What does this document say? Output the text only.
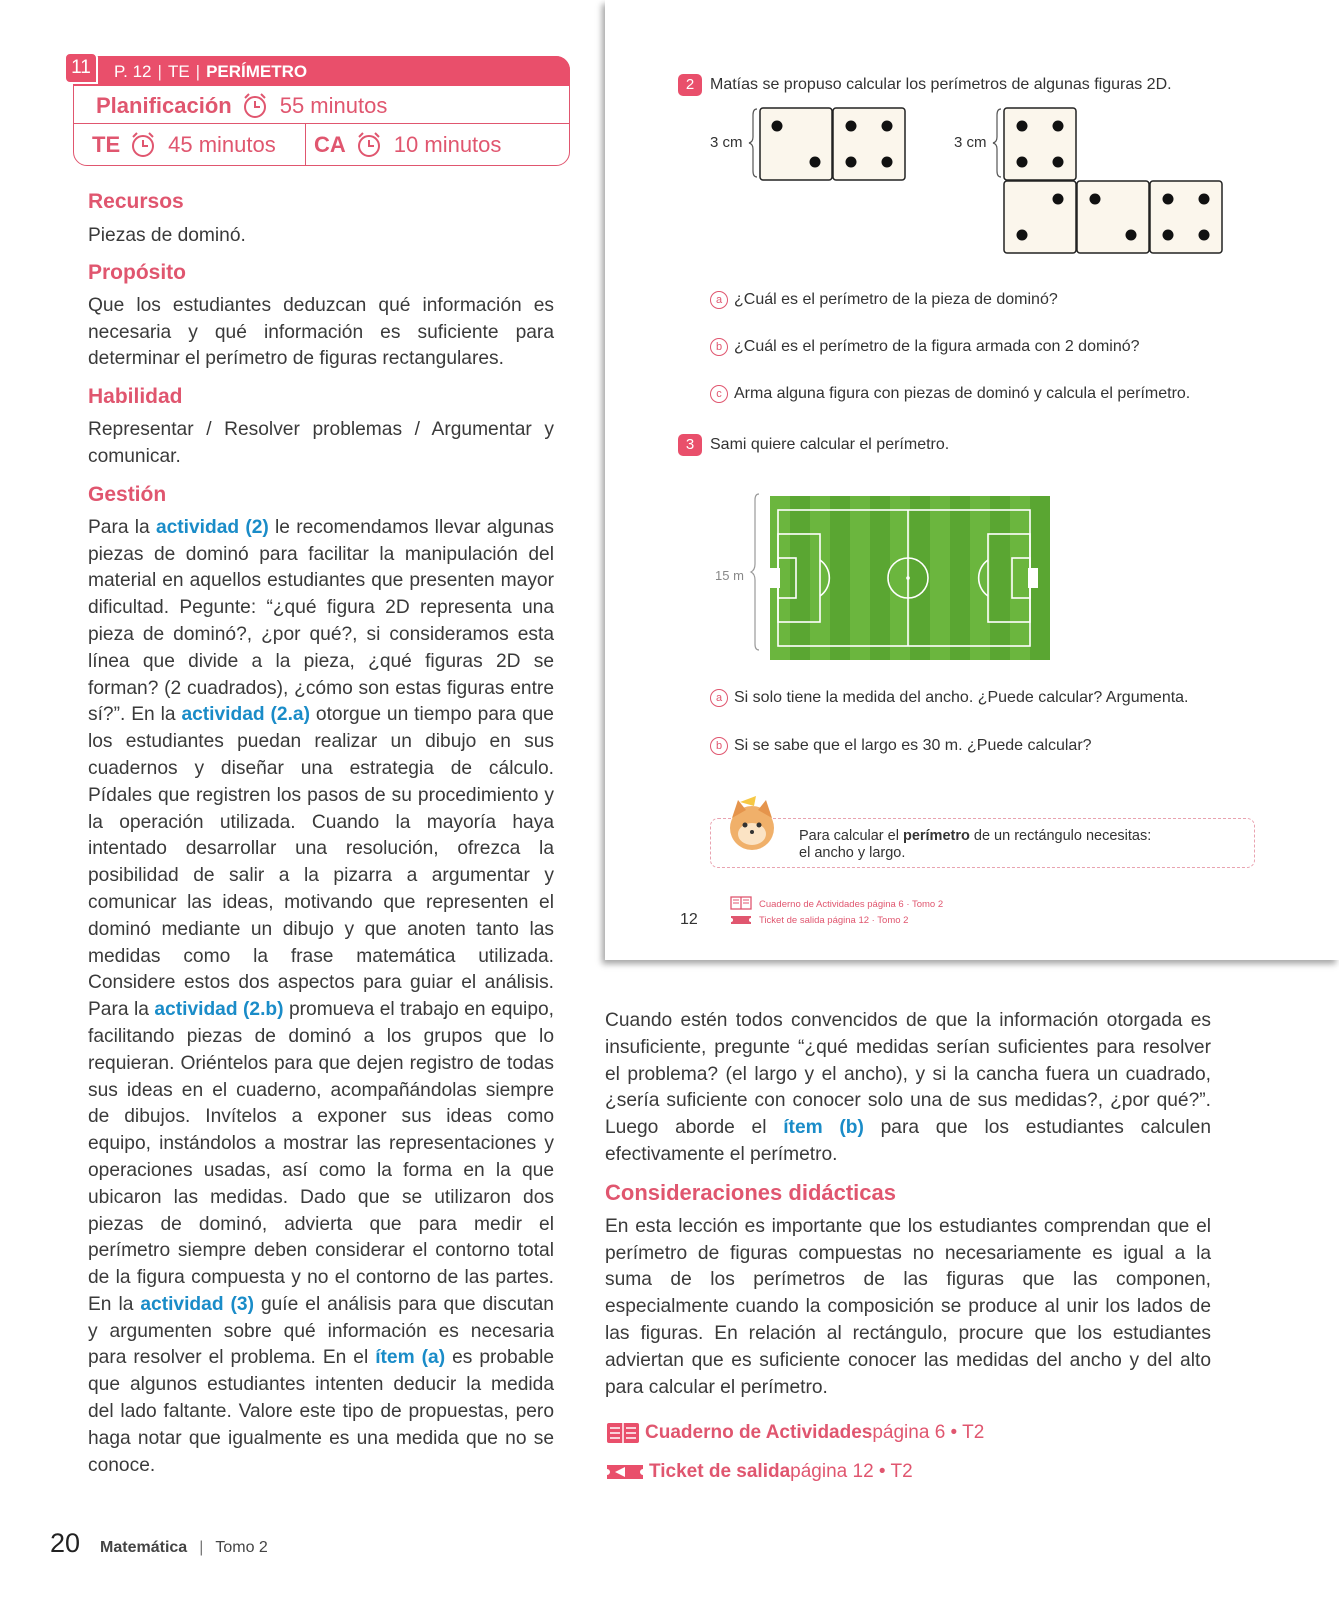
11	P. 12 | TE | PERÍMETRO
Planificación 55 minutos
TE 45 minutos CA 10 minutos
Recursos
Piezas de dominó.
Propósito
Que los estudiantes deduzcan qué información es necesaria y qué información es suficiente para determinar el perímetro de figuras rectangulares.
Habilidad
Representar / Resolver problemas / Argumentar y comunicar.
Gestión
Para la actividad (2) le recomendamos llevar algunas piezas de dominó para facilitar la manipulación del material en aquellos estudiantes que presenten mayor dificultad. Pegunte: “¿qué figura 2D representa una pieza de dominó?, ¿por qué?, si consideramos esta línea que divide a la pieza, ¿qué figuras 2D se forman? (2 cuadrados), ¿cómo son estas figuras entre sí?”. En la actividad (2.a) otorgue un tiempo para que los estudiantes puedan realizar un dibujo en sus cuadernos y diseñar una estrategia de cálculo. Pídales que registren los pasos de su procedimiento y la operación utilizada. Cuando la mayoría haya intentado desarrollar una resolución, ofrezca la posibilidad de salir a la pizarra a argumentar y comunicar las ideas, motivando que representen el dominó mediante un dibujo y que anoten tanto las medidas como la frase matemática utilizada. Considere estos dos aspectos para guiar el análisis. Para la actividad (2.b) promueva el trabajo en equipo, facilitando piezas de dominó a los grupos que lo requieran. Oriéntelos para que dejen registro de todas sus ideas en el cuaderno, acompañándolas siempre de dibujos. Invítelos a exponer sus ideas como equipo, instándolos a mostrar las representaciones y operaciones usadas, así como la forma en la que ubicaron las medidas. Dado que se utilizaron dos piezas de dominó, advierta que para medir el perímetro siempre deben considerar el contorno total de la figura compuesta y no el contorno de las partes. En la actividad (3) guíe el análisis para que discutan y argumenten sobre qué información es necesaria para resolver el problema. En el ítem (a) es probable que algunos estudiantes intenten deducir la medida del lado faltante. Valore este tipo de propuestas, pero haga notar que igualmente es una medida que no se conoce.
2 Matías se propuso calcular los perímetros de algunas figuras 2D.
3 cm	3 cm
a ¿Cuál es el perímetro de la pieza de dominó?
b ¿Cuál es el perímetro de la figura armada con 2 dominó?
c Arma alguna figura con piezas de dominó y calcula el perímetro.
3 Sami quiere calcular el perímetro.
15 m
a Si solo tiene la medida del ancho. ¿Puede calcular? Argumenta.
b Si se sabe que el largo es 30 m. ¿Puede calcular?
Para calcular el perímetro de un rectángulo necesitas:
el ancho y largo.
12
Cuaderno de Actividades página 6 · Tomo 2
Ticket de salida página 12 · Tomo 2
Cuando estén todos convencidos de que la información otorgada es insuficiente, pregunte “¿qué medidas serían suficientes para resolver el problema? (el largo y el ancho), y si la cancha fuera un cuadrado, ¿sería suficiente con conocer solo una de sus medidas?, ¿por qué?”. Luego aborde el ítem (b) para que los estudiantes calculen efectivamente el perímetro.
Consideraciones didácticas
En esta lección es importante que los estudiantes comprendan que el perímetro de figuras compuestas no necesariamente es igual a la suma de los perímetros de las figuras que las componen, especialmente cuando la composición se produce al unir los lados de las figuras. En relación al rectángulo, procure que los estudiantes adviertan que es suficiente conocer las medidas del ancho y del alto para calcular el perímetro.
Cuaderno de Actividades página 6 • T2
Ticket de salida página 12 • T2
20 Matemática | Tomo 2
